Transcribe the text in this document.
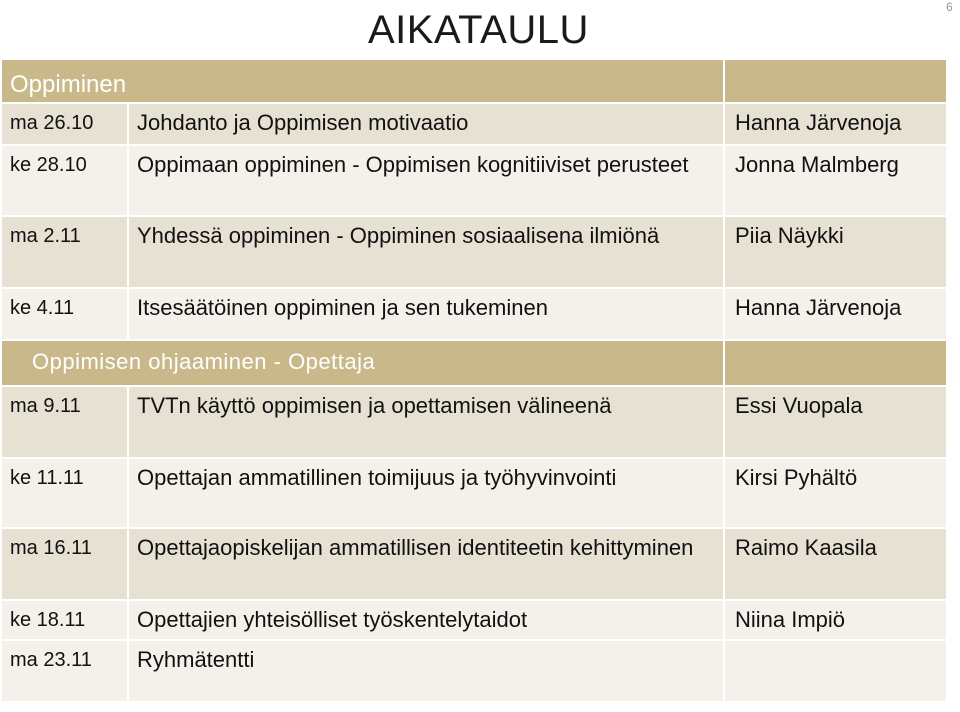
AIKATAULU
6
Oppiminen		

ma 26.10	Johdanto ja Oppimisen motivaatio	Hanna Järvenoja
ke 28.10	Oppimaan oppiminen - Oppimisen kognitiiviset perusteet	Jonna Malmberg
ma 2.11	Yhdessä oppiminen - Oppiminen sosiaalisena ilmiönä	Piia Näykki
ke 4.11	Itsesäätöinen oppiminen ja sen tukeminen	Hanna Järvenoja

Oppimisen ohjaaminen - Opettaja		

ma 9.11	TVTn käyttö oppimisen ja opettamisen välineenä	Essi Vuopala
ke 11.11	Opettajan ammatillinen toimijuus ja työhyvinvointi	Kirsi Pyhältö
ma 16.11	Opettajaopiskelijan ammatillisen identiteetin kehittyminen	Raimo Kaasila
ke 18.11	Opettajien yhteisölliset työskentelytaidot	Niina Impiö
ma 23.11	Ryhmätentti	
